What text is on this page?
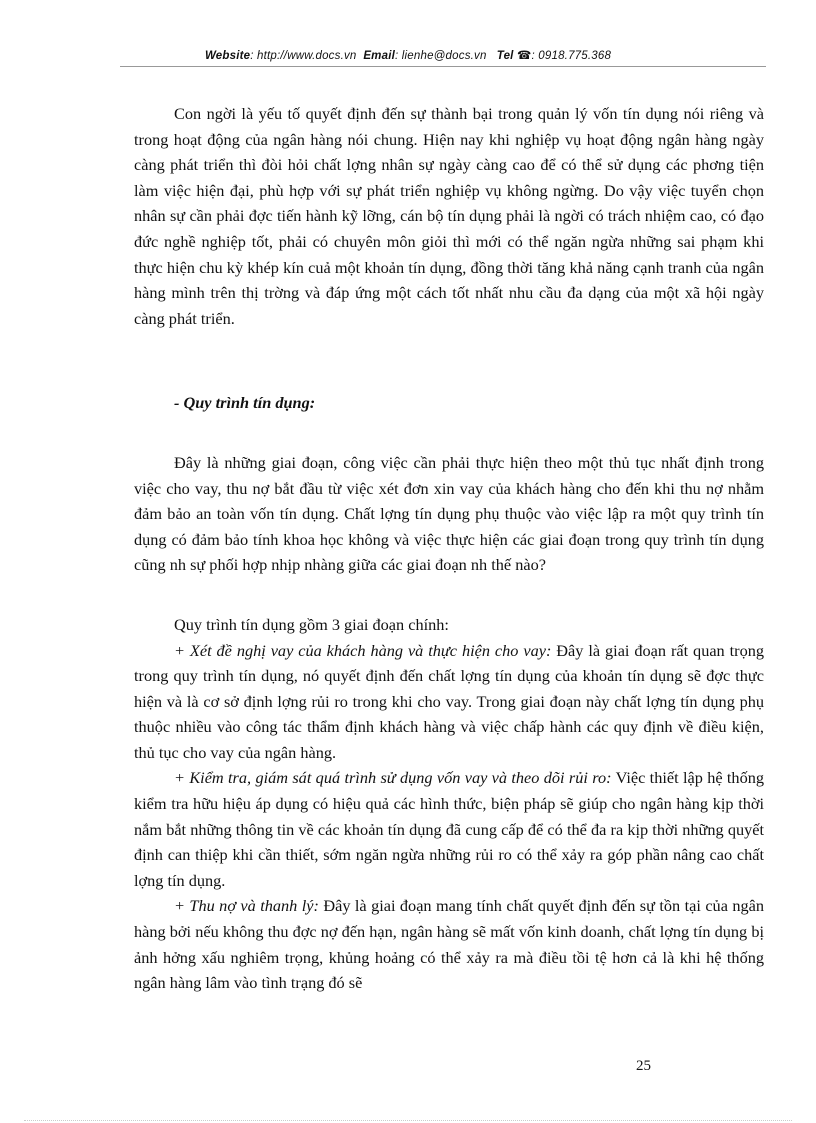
Website: http://www.docs.vn Email: lienhe@docs.vn Tel ☎: 0918.775.368

Con ngời là yếu tố quyết định đến sự thành bại trong quản lý vốn tín dụng nói riêng và trong hoạt động của ngân hàng nói chung. Hiện nay khi nghiệp vụ hoạt động ngân hàng ngày càng phát triển thì đòi hỏi chất lợng nhân sự ngày càng cao để có thể sử dụng các phơng tiện làm việc hiện đại, phù hợp với sự phát triển nghiệp vụ không ngừng. Do vậy việc tuyển chọn nhân sự cần phải đợc tiến hành kỹ lỡng, cán bộ tín dụng phải là ngời có trách nhiệm cao, có đạo đức nghề nghiệp tốt, phải có chuyên môn giỏi thì mới có thể ngăn ngừa những sai phạm khi thực hiện chu kỳ khép kín cuả một khoản tín dụng, đồng thời tăng khả năng cạnh tranh của ngân hàng mình trên thị trờng và đáp ứng một cách tốt nhất nhu cầu đa dạng của một xã hội ngày càng phát triển.

- Quy trình tín dụng:

Đây là những giai đoạn, công việc cần phải thực hiện theo một thủ tục nhất định trong việc cho vay, thu nợ bắt đầu từ việc xét đơn xin vay của khách hàng cho đến khi thu nợ nhằm đảm bảo an toàn vốn tín dụng. Chất lợng tín dụng phụ thuộc vào việc lập ra một quy trình tín dụng có đảm bảo tính khoa học không và việc thực hiện các giai đoạn trong quy trình tín dụng cũng nh sự phối hợp nhịp nhàng giữa các giai đoạn nh thế nào?

Quy trình tín dụng gồm 3 giai đoạn chính:

+ Xét đề nghị vay của khách hàng và thực hiện cho vay: Đây là giai đoạn rất quan trọng trong quy trình tín dụng, nó quyết định đến chất lợng tín dụng của khoản tín dụng sẽ đợc thực hiện và là cơ sở định lợng rủi ro trong khi cho vay. Trong giai đoạn này chất lợng tín dụng phụ thuộc nhiều vào công tác thẩm định khách hàng và việc chấp hành các quy định về điều kiện, thủ tục cho vay của ngân hàng.

+ Kiểm tra, giám sát quá trình sử dụng vốn vay và theo dõi rủi ro: Việc thiết lập hệ thống kiểm tra hữu hiệu áp dụng có hiệu quả các hình thức, biện pháp sẽ giúp cho ngân hàng kịp thời nắm bắt những thông tin về các khoản tín dụng đã cung cấp để có thể đa ra kịp thời những quyết định can thiệp khi cần thiết, sớm ngăn ngừa những rủi ro có thể xảy ra góp phần nâng cao chất lợng tín dụng.

+ Thu nợ và thanh lý: Đây là giai đoạn mang tính chất quyết định đến sự tồn tại của ngân hàng bởi nếu không thu đợc nợ đến hạn, ngân hàng sẽ mất vốn kinh doanh, chất lợng tín dụng bị ảnh hởng xấu nghiêm trọng, khủng hoảng có thể xảy ra mà điều tồi tệ hơn cả là khi hệ thống ngân hàng lâm vào tình trạng đó sẽ

25
